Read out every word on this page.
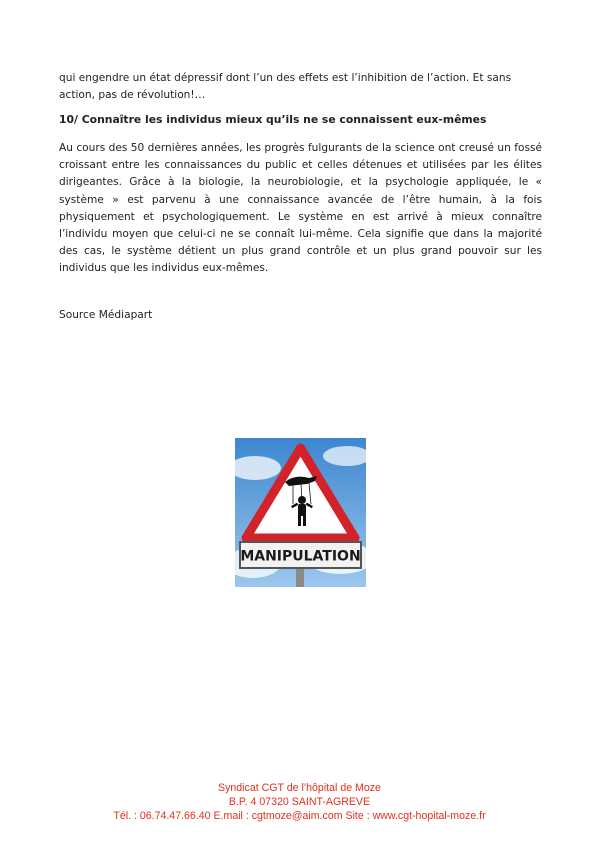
qui engendre un état dépressif dont l’un des effets est l’inhibition de l’action. Et sans action, pas de révolution!…
10/ Connaître les individus mieux qu’ils ne se connaissent eux-mêmes
Au cours des 50 dernières années, les progrès fulgurants de la science ont creusé un fossé croissant entre les connaissances du public et celles détenues et utilisées par les élites dirigeantes. Grâce à la biologie, la neurobiologie, et la psychologie appliquée, le « système » est parvenu à une connaissance avancée de l’être humain, à la fois physiquement et psychologiquement. Le système en est arrivé à mieux connaître l’individu moyen que celui-ci ne se connaît lui-même. Cela signifie que dans la majorité des cas, le système détient un plus grand contrôle et un plus grand pouvoir sur les individus que les individus eux-mêmes.
Source Médiapart
MANIPULATION
Syndicat CGT de l’hôpital de Moze
B.P. 4 07320 SAINT-AGREVE
Tél. : 06.74.47.66.40 E.mail : cgtmoze@aim.com Site : www.cgt-hopital-moze.fr
